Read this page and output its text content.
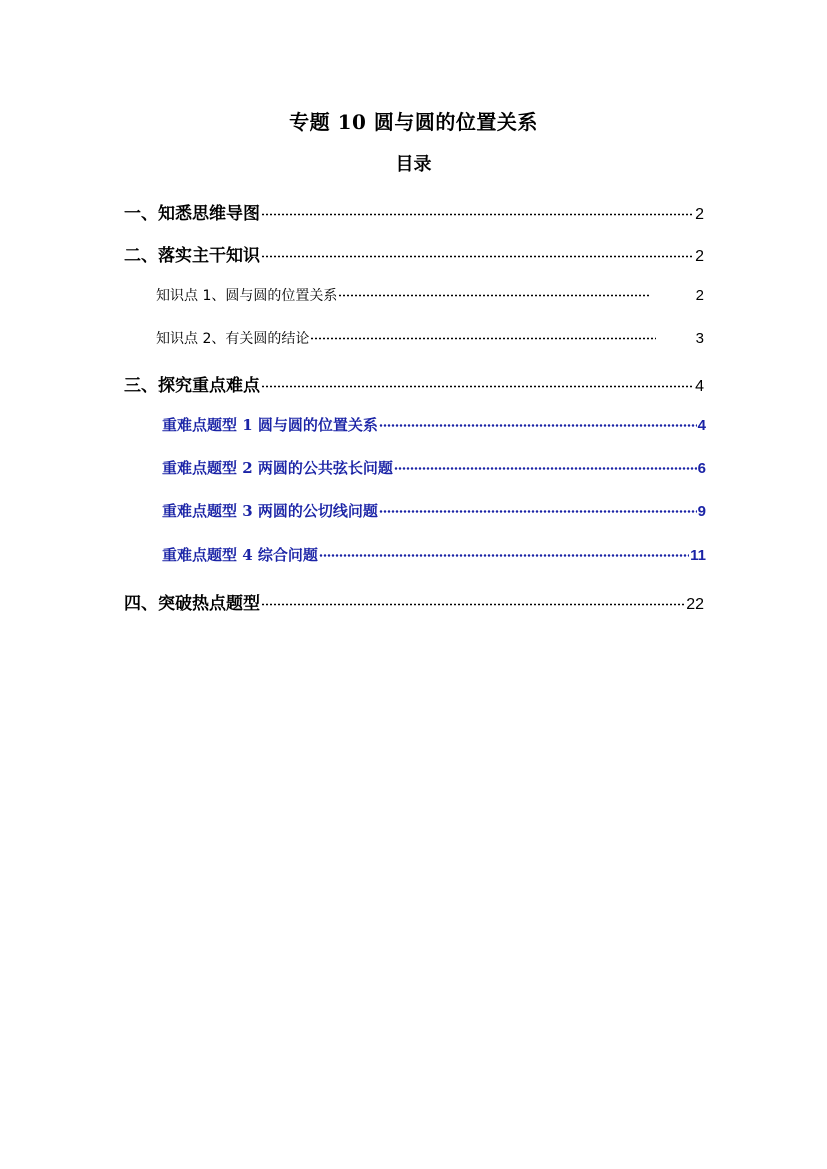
专题 10 圆与圆的位置关系
目录
一、知悉思维导图	2
二、落实主干知识	2
知识点 1、圆与圆的位置关系	2
知识点 2、有关圆的结论	3
三、探究重点难点	4
重难点题型 1 圆与圆的位置关系	4
重难点题型 2 两圆的公共弦长问题	6
重难点题型 3 两圆的公切线问题	9
重难点题型 4 综合问题	11
四、突破热点题型	22
